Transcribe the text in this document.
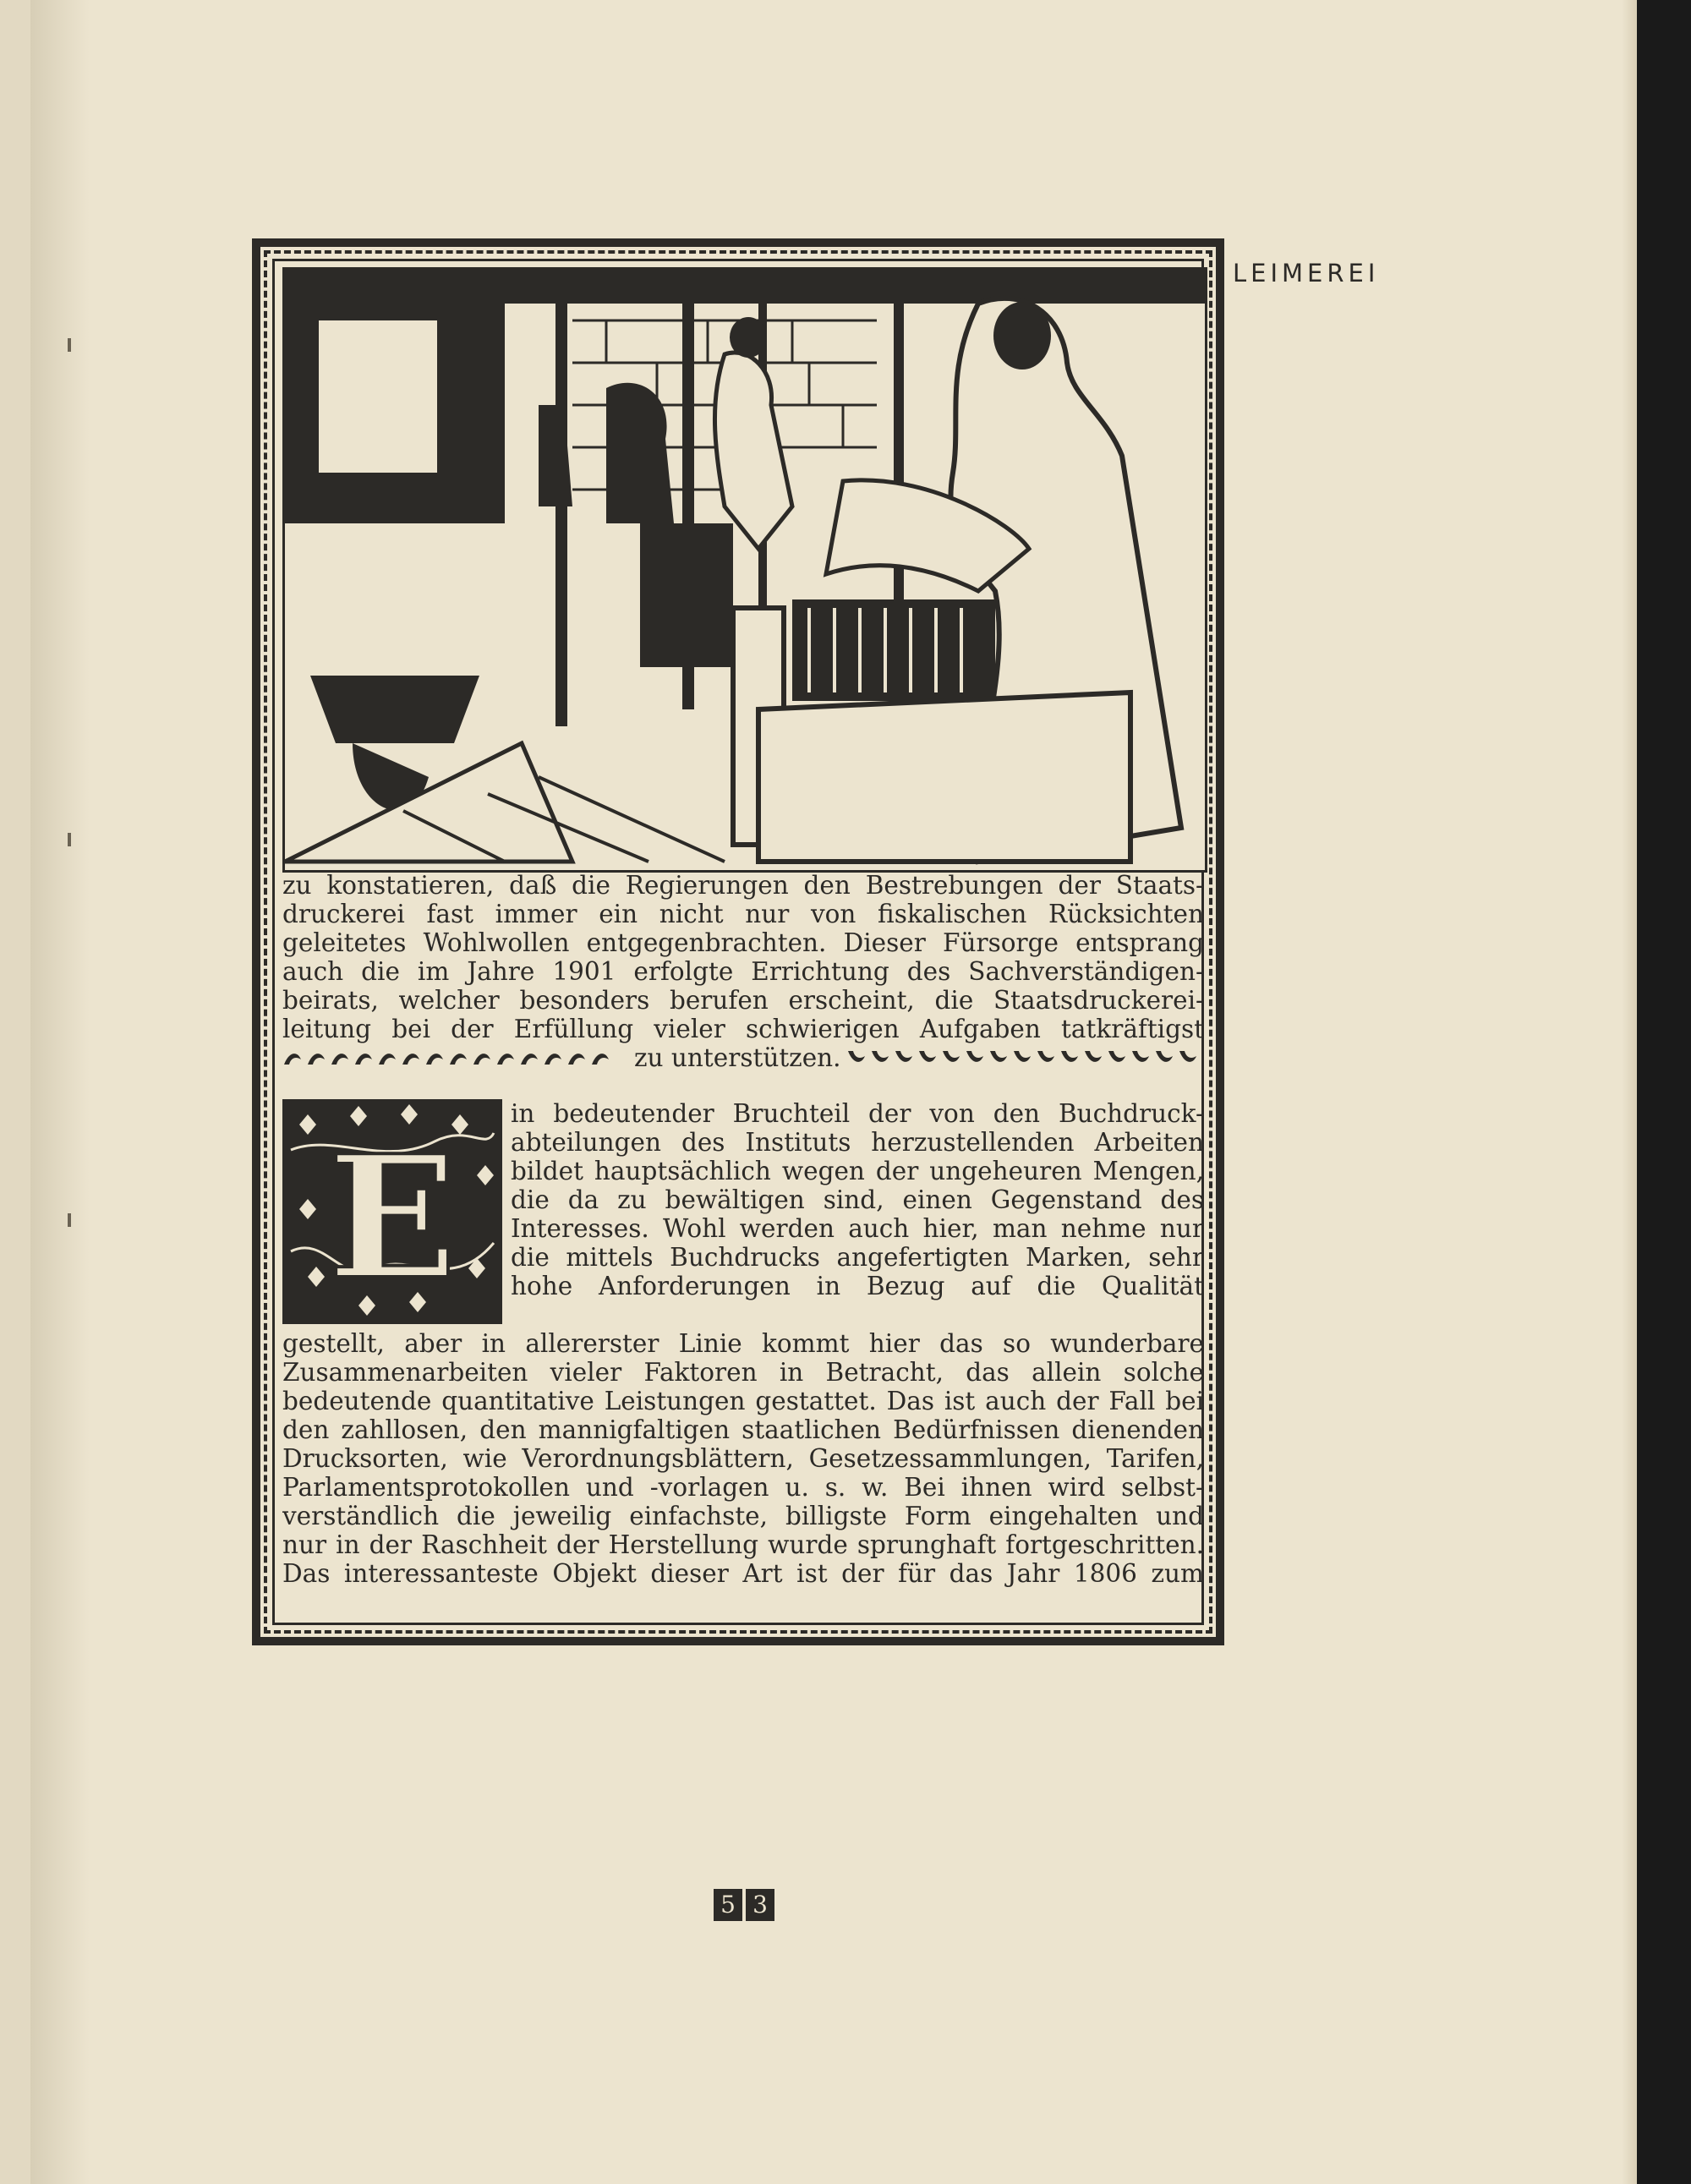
LEIMEREI
zu konstatieren, daß die Regierungen den Bestrebungen der Staats-
druckerei fast immer ein nicht nur von fiskalischen Rücksichten
geleitetes Wohlwollen entgegenbrachten. Dieser Fürsorge entsprang
auch die im Jahre 1901 erfolgte Errichtung des Sachverständigen-
beirats, welcher besonders berufen erscheint, die Staatsdruckerei-
leitung bei der Erfüllung vieler schwierigen Aufgaben tatkräftigst
zu unterstützen.
E
in bedeutender Bruchteil der von den Buchdruck-
abteilungen des Instituts herzustellenden Arbeiten
bildet hauptsächlich wegen der ungeheuren Mengen,
die da zu bewältigen sind, einen Gegenstand des
Interesses. Wohl werden auch hier, man nehme nur
die mittels Buchdrucks angefertigten Marken, sehr
hohe Anforderungen in Bezug auf die Qualität
gestellt, aber in allererster Linie kommt hier das so wunderbare
Zusammenarbeiten vieler Faktoren in Betracht, das allein solche
bedeutende quantitative Leistungen gestattet. Das ist auch der Fall bei
den zahllosen, den mannigfaltigen staatlichen Bedürfnissen dienenden
Drucksorten, wie Verordnungsblättern, Gesetzessammlungen, Tarifen,
Parlamentsprotokollen und -vorlagen u. s. w. Bei ihnen wird selbst-
verständlich die jeweilig einfachste, billigste Form eingehalten und
nur in der Raschheit der Herstellung wurde sprunghaft fortgeschritten.
Das interessanteste Objekt dieser Art ist der für das Jahr 1806 zum
5 3
